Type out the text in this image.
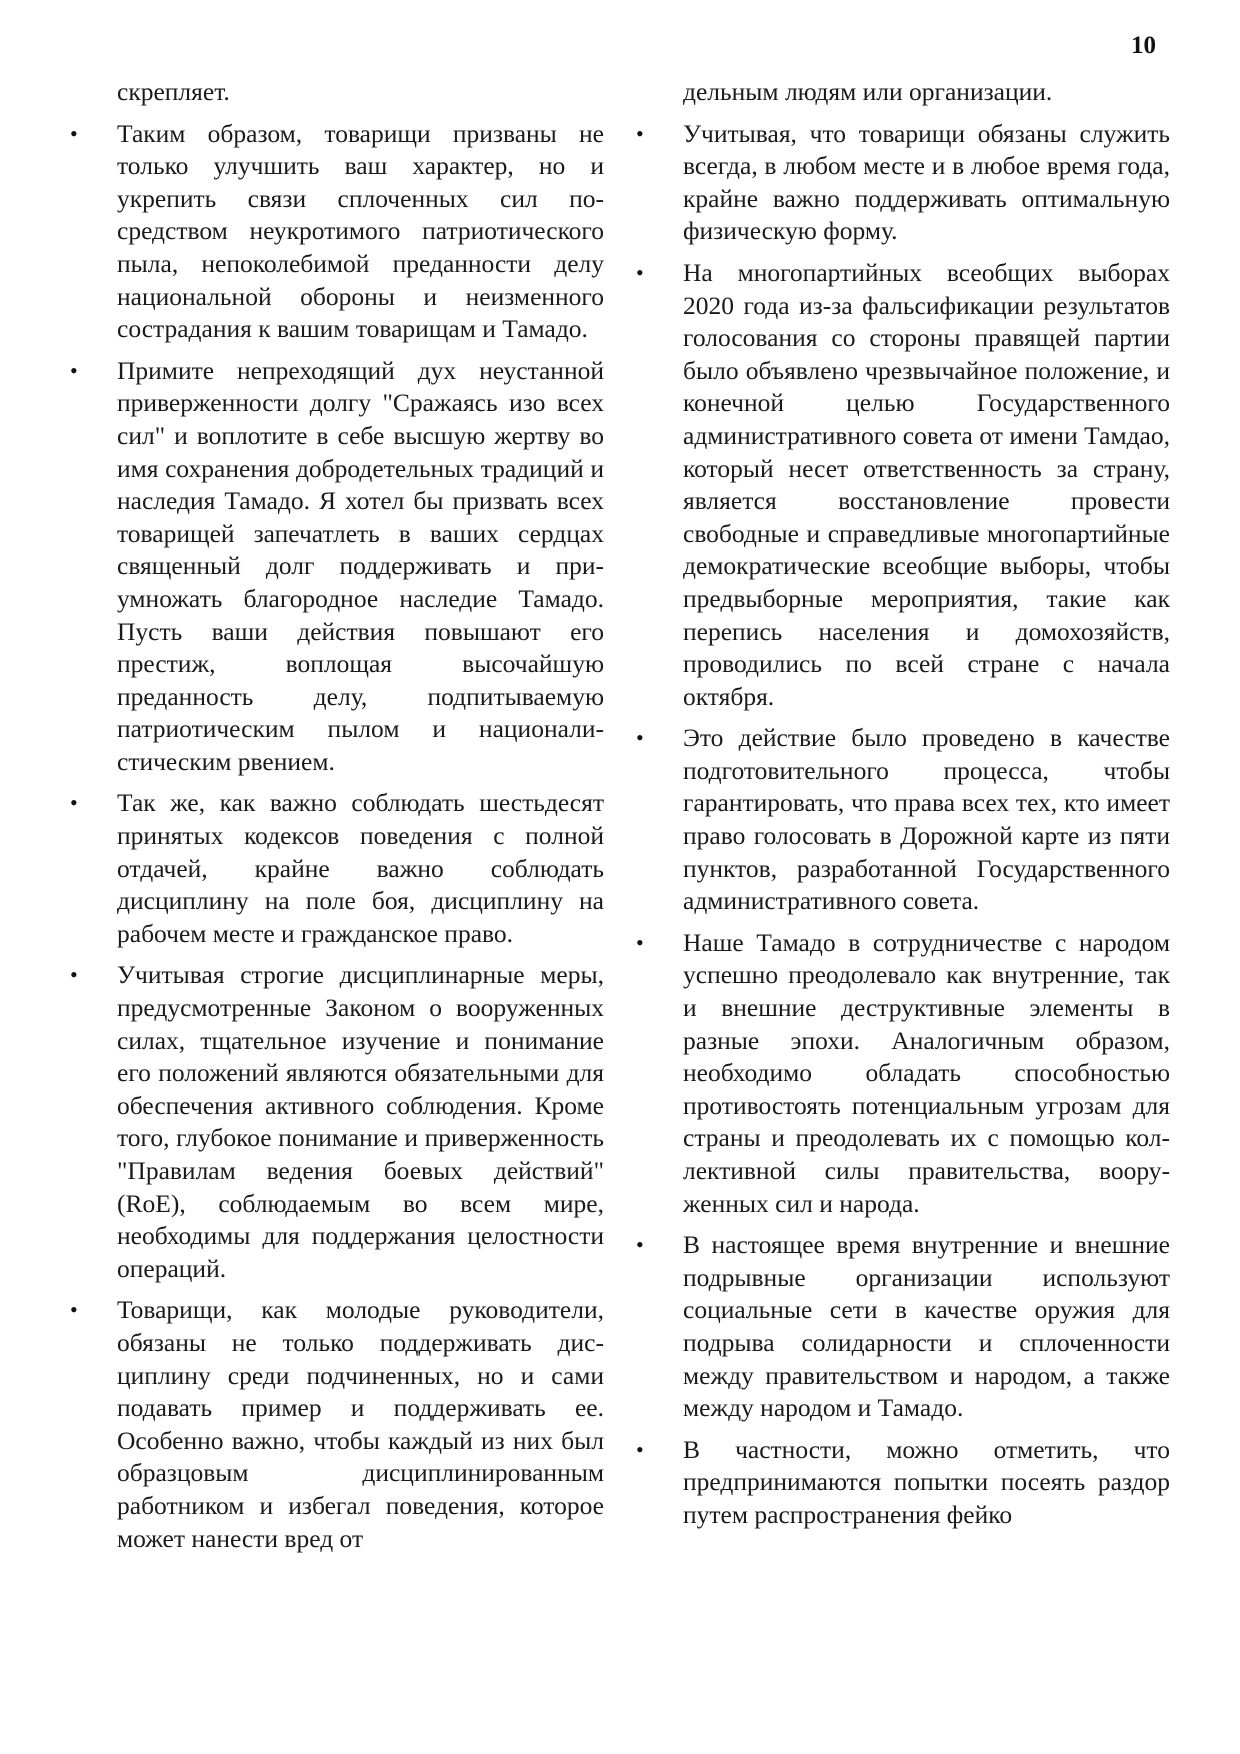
10
скрепляет.
• Таким образом, товарищи призваны не только улучшить ваш характер, но и укрепить связи сплоченных сил посредством неукротимого патриотического пыла, непоколебимой преданности делу национальной обороны и неизменного сострадания к вашим товарищам и Тамадо.
• Примите непреходящий дух неустанной приверженности долгу "Сражаясь изо всех сил" и воплотите в себе высшую жертву во имя сохранения добродетельных традиций и наследия Тамадо. Я хотел бы призвать всех товарищей запечатлеть в ваших сердцах священный долг поддерживать и приумножать благородное наследие Тамадо. Пусть ваши действия повышают его престиж, воплощая высочайшую преданность делу, подпитываемую патриотическим пылом и националистическим рвением.
• Так же, как важно соблюдать шестьдесят принятых кодексов поведения с полной отдачей, крайне важно соблюдать дисциплину на поле боя, дисциплину на рабочем месте и гражданское право.
• Учитывая строгие дисциплинарные меры, предусмотренные Законом о вооруженных силах, тщательное изучение и понимание его положений являются обязательными для обеспечения активного соблюдения. Кроме того, глубокое понимание и приверженность "Правилам ведения боевых действий" (RoE), соблюдаемым во всем мире, необходимы для поддержания целостности операций.
• Товарищи, как молодые руководители, обязаны не только поддерживать дисциплину среди подчиненных, но и сами подавать пример и поддерживать ее. Особенно важно, чтобы каждый из них был образцовым дисциплинированным работником и избегал поведения, которое может нанести вред от
дельным людям или организации.
• Учитывая, что товарищи обязаны служить всегда, в любом месте и в любое время года, крайне важно поддерживать оптимальную физическую форму.
• На многопартийных всеобщих выборах 2020 года из-за фальсификации результатов голосования со стороны правящей партии было объявлено чрезвычайное положение, и конечной целью Государственного административного совета от имени Тамдао, который несет ответственность за страну, является восстановление провести свободные и справедливые многопартийные демократические всеобщие выборы, чтобы предвыборные мероприятия, такие как перепись населения и домохозяйств, проводились по всей стране с начала октября.
• Это действие было проведено в качестве подготовительного процесса, чтобы гарантировать, что права всех тех, кто имеет право голосовать в Дорожной карте из пяти пунктов, разработанной Государственного административного совета.
• Наше Тамадо в сотрудничестве с народом успешно преодолевало как внутренние, так и внешние деструктивные элементы в разные эпохи. Аналогичным образом, необходимо обладать способностью противостоять потенциальным угрозам для страны и преодолевать их с помощью коллективной силы правительства, вооруженных сил и народа.
• В настоящее время внутренние и внешние подрывные организации используют социальные сети в качестве оружия для подрыва солидарности и сплоченности между правительством и народом, а также между народом и Тамадо.
• В частности, можно отметить, что предпринимаются попытки посеять раздор путем распространения фейко
